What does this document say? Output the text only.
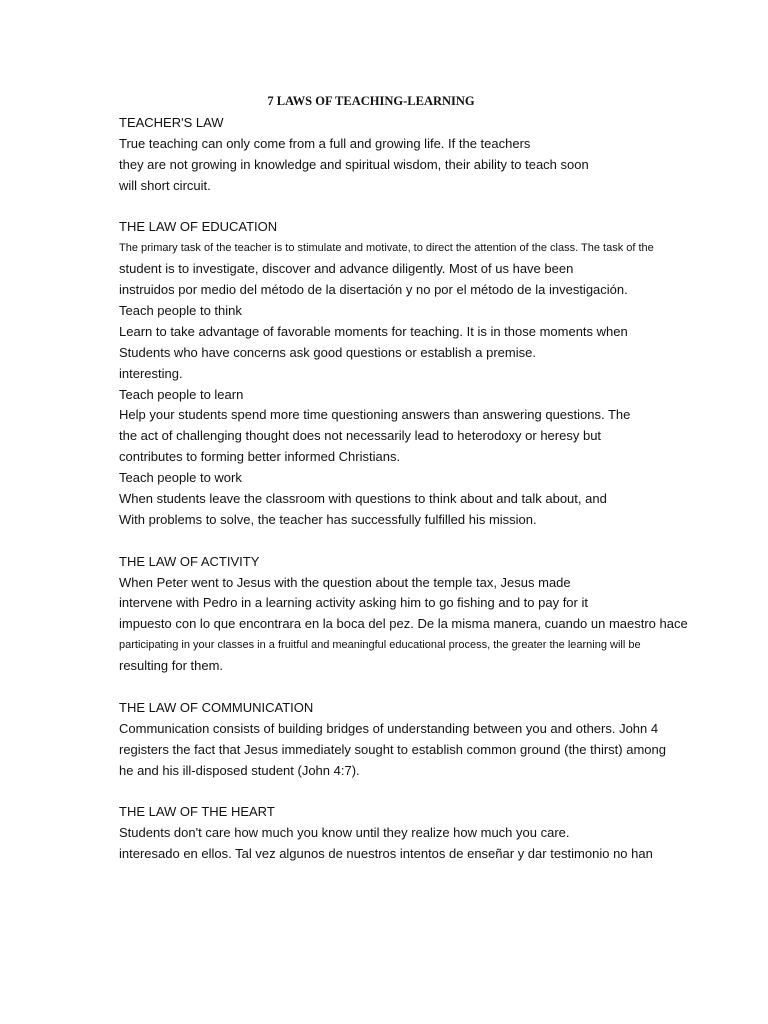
7 LAWS OF TEACHING-LEARNING
TEACHER'S LAW
True teaching can only come from a full and growing life. If the teachers
they are not growing in knowledge and spiritual wisdom, their ability to teach soon
will short circuit.
THE LAW OF EDUCATION
The primary task of the teacher is to stimulate and motivate, to direct the attention of the class. The task of the
student is to investigate, discover and advance diligently. Most of us have been
instruidos por medio del método de la disertación y no por el método de la investigación.
Teach people to think
Learn to take advantage of favorable moments for teaching. It is in those moments when
Students who have concerns ask good questions or establish a premise.
interesting.
Teach people to learn
Help your students spend more time questioning answers than answering questions. The
the act of challenging thought does not necessarily lead to heterodoxy or heresy but
contributes to forming better informed Christians.
Teach people to work
When students leave the classroom with questions to think about and talk about, and
With problems to solve, the teacher has successfully fulfilled his mission.
THE LAW OF ACTIVITY
When Peter went to Jesus with the question about the temple tax, Jesus made
intervene with Pedro in a learning activity asking him to go fishing and to pay for it
impuesto con lo que encontrara en la boca del pez. De la misma manera, cuando un maestro hace
participating in your classes in a fruitful and meaningful educational process, the greater the learning will be
resulting for them.
THE LAW OF COMMUNICATION
Communication consists of building bridges of understanding between you and others. John 4
registers the fact that Jesus immediately sought to establish common ground (the thirst) among
he and his ill-disposed student (John 4:7).
THE LAW OF THE HEART
Students don't care how much you know until they realize how much you care.
interesado en ellos. Tal vez algunos de nuestros intentos de enseñar y dar testimonio no han
